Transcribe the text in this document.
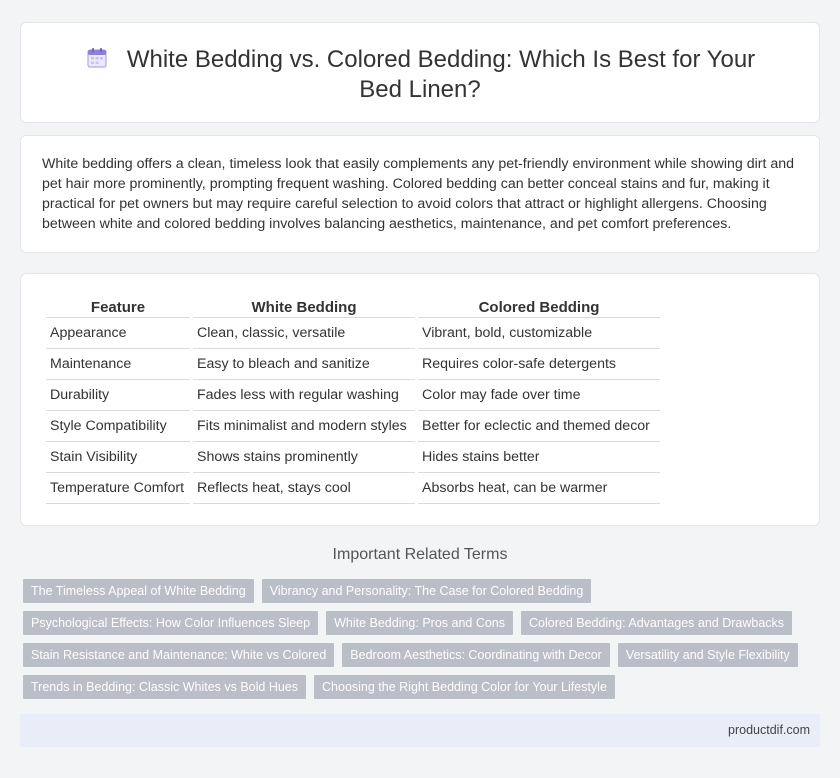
White Bedding vs. Colored Bedding: Which Is Best for Your Bed Linen?

White bedding offers a clean, timeless look that easily complements any pet-friendly environment while showing dirt and pet hair more prominently, prompting frequent washing. Colored bedding can better conceal stains and fur, making it practical for pet owners but may require careful selection to avoid colors that attract or highlight allergens. Choosing between white and colored bedding involves balancing aesthetics, maintenance, and pet comfort preferences.

Feature	White Bedding	Colored Bedding
Appearance	Clean, classic, versatile	Vibrant, bold, customizable
Maintenance	Easy to bleach and sanitize	Requires color-safe detergents
Durability	Fades less with regular washing	Color may fade over time
Style Compatibility	Fits minimalist and modern styles	Better for eclectic and themed decor
Stain Visibility	Shows stains prominently	Hides stains better
Temperature Comfort	Reflects heat, stays cool	Absorbs heat, can be warmer
Important Related Terms
The Timeless Appeal of White Bedding	Vibrancy and Personality: The Case for Colored Bedding
Psychological Effects: How Color Influences Sleep	White Bedding: Pros and Cons	Colored Bedding: Advantages and Drawbacks
Stain Resistance and Maintenance: White vs Colored	Bedroom Aesthetics: Coordinating with Decor	Versatility and Style Flexibility
Trends in Bedding: Classic Whites vs Bold Hues	Choosing the Right Bedding Color for Your Lifestyle
productdif.com
